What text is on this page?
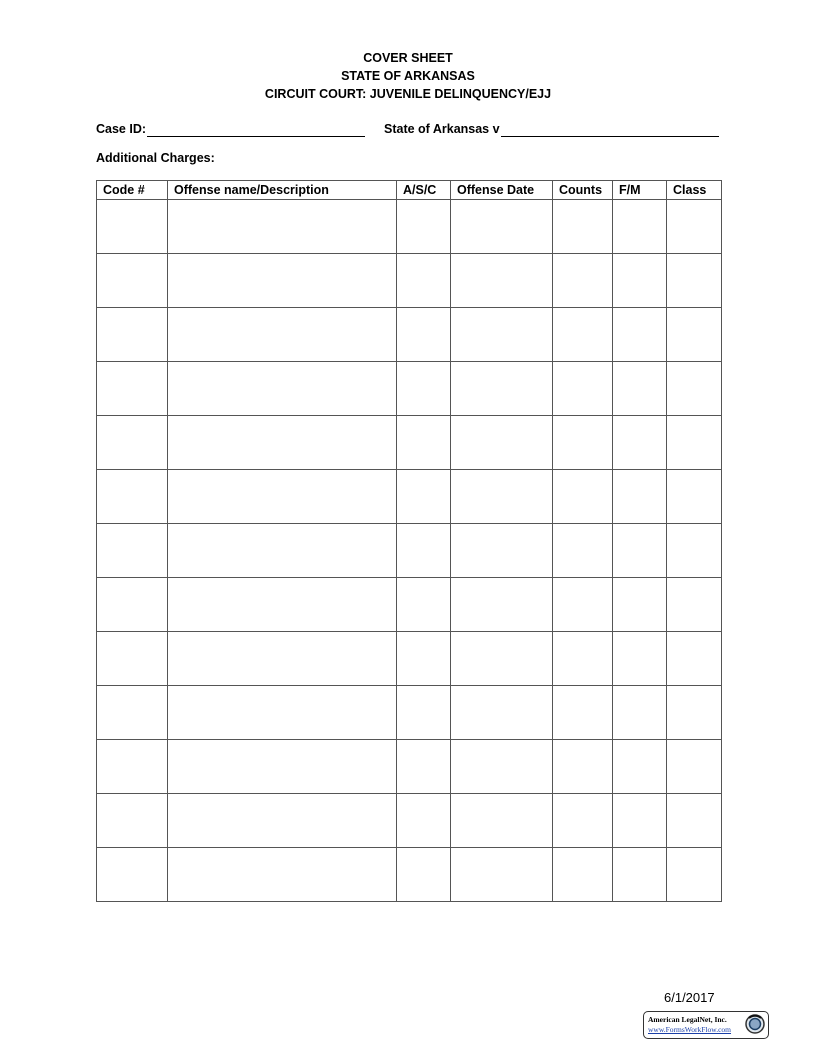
COVER SHEET
STATE OF ARKANSAS
CIRCUIT COURT: JUVENILE DELINQUENCY/EJJ
Case ID:	State of Arkansas v
Additional Charges:
Code #	Offense name/Description	A/S/C	Offense Date	Counts	F/M	Class

6/1/2017
American LegalNet, Inc.
www.FormsWorkFlow.com
